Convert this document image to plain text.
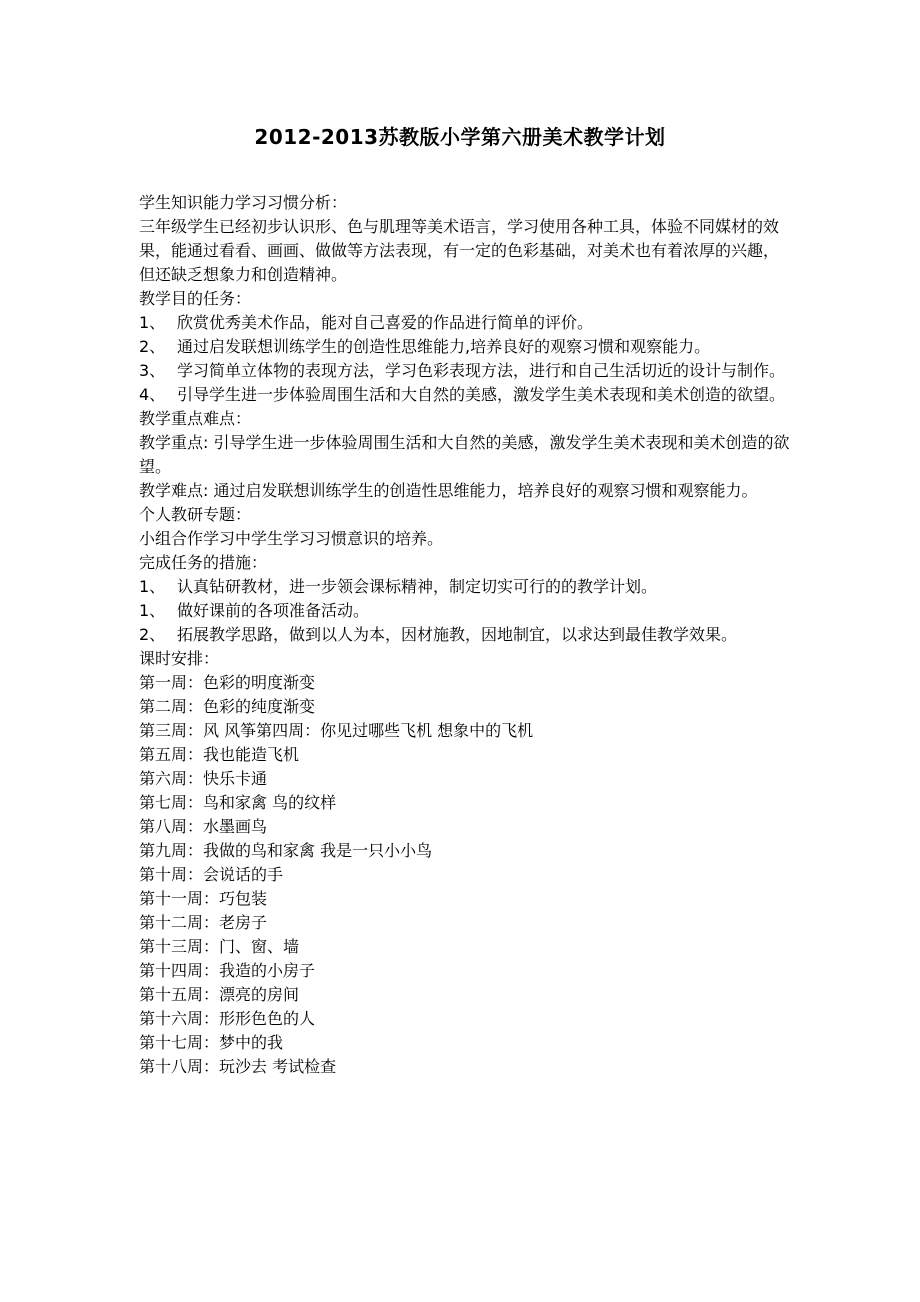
2012-2013苏教版小学第六册美术教学计划

学生知识能力学习习惯分析：

三年级学生已经初步认识形、色与肌理等美术语言，学习使用各种工具，体验不同媒材的效果，能通过看看、画画、做做等方法表现，有一定的色彩基础，对美术也有着浓厚的兴趣，但还缺乏想象力和创造精神。

教学目的任务：

1、 欣赏优秀美术作品，能对自己喜爱的作品进行简单的评价。

2、 通过启发联想训练学生的创造性思维能力,培养良好的观察习惯和观察能力。

3、 学习简单立体物的表现方法，学习色彩表现方法，进行和自己生活切近的设计与制作。

4、 引导学生进一步体验周围生活和大自然的美感，激发学生美术表现和美术创造的欲望。

教学重点难点：

教学重点: 引导学生进一步体验周围生活和大自然的美感，激发学生美术表现和美术创造的欲望。

教学难点: 通过启发联想训练学生的创造性思维能力，培养良好的观察习惯和观察能力。

个人教研专题：

小组合作学习中学生学习习惯意识的培养。

完成任务的措施：

1、 认真钻研教材，进一步领会课标精神，制定切实可行的的教学计划。

1、 做好课前的各项准备活动。

2、 拓展教学思路，做到以人为本，因材施教，因地制宜，以求达到最佳教学效果。

课时安排：

第一周：色彩的明度渐变

第二周：色彩的纯度渐变

第三周：风 风筝第四周：你见过哪些飞机 想象中的飞机

第五周：我也能造飞机

第六周：快乐卡通

第七周：鸟和家禽 鸟的纹样

第八周：水墨画鸟

第九周：我做的鸟和家禽 我是一只小小鸟

第十周：会说话的手

第十一周：巧包装

第十二周：老房子

第十三周：门、窗、墙

第十四周：我造的小房子

第十五周：漂亮的房间

第十六周：形形色色的人

第十七周：梦中的我

第十八周：玩沙去 考试检查
